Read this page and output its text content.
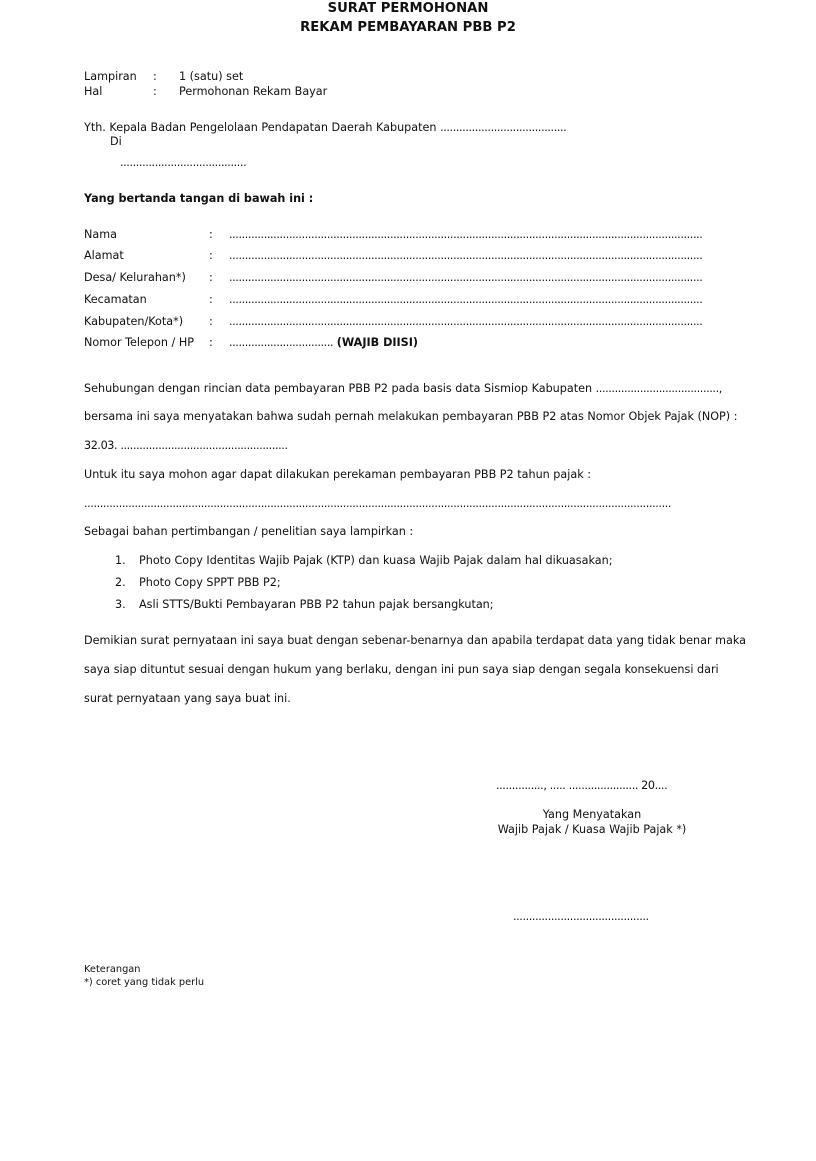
SURAT PERMOHONAN
REKAM PEMBAYARAN PBB P2
Lampiran : 1 (satu) set
Hal	: Permohonan Rekam Bayar
Yth. Kepala Badan Pengelolaan Pendapatan Daerah Kabupaten ........................................
Di
........................................
Yang bertanda tangan di bawah ini :
Nama	: ......................................................................................................................................................
Alamat	: ......................................................................................................................................................
Desa/ Kelurahan*) : ......................................................................................................................................................
Kecamatan	: ......................................................................................................................................................
Kabupaten/Kota*) : ......................................................................................................................................................
Nomor Telepon / HP : ................................. (WAJIB DIISI)
Sehubungan dengan rincian data pembayaran PBB P2 pada basis data Sismiop Kabupaten .......................................,
bersama ini saya menyatakan bahwa sudah pernah melakukan pembayaran PBB P2 atas Nomor Objek Pajak (NOP) :
32.03. .....................................................
Untuk itu saya mohon agar dapat dilakukan perekaman pembayaran PBB P2 tahun pajak :
..........................................................................................................................................................................................
Sebagai bahan pertimbangan / penelitian saya lampirkan :
1. Photo Copy Identitas Wajib Pajak (KTP) dan kuasa Wajib Pajak dalam hal dikuasakan;
2. Photo Copy SPPT PBB P2;
3. Asli STTS/Bukti Pembayaran PBB P2 tahun pajak bersangkutan;
Demikian surat pernyataan ini saya buat dengan sebenar-benarnya dan apabila terdapat data yang tidak benar maka
saya siap dituntut sesuai dengan hukum yang berlaku, dengan ini pun saya siap dengan segala konsekuensi dari
surat pernyataan yang saya buat ini.
..............., ..... ...................... 20....
Yang Menyatakan
Wajib Pajak / Kuasa Wajib Pajak *)
...........................................
Keterangan
*) coret yang tidak perlu
